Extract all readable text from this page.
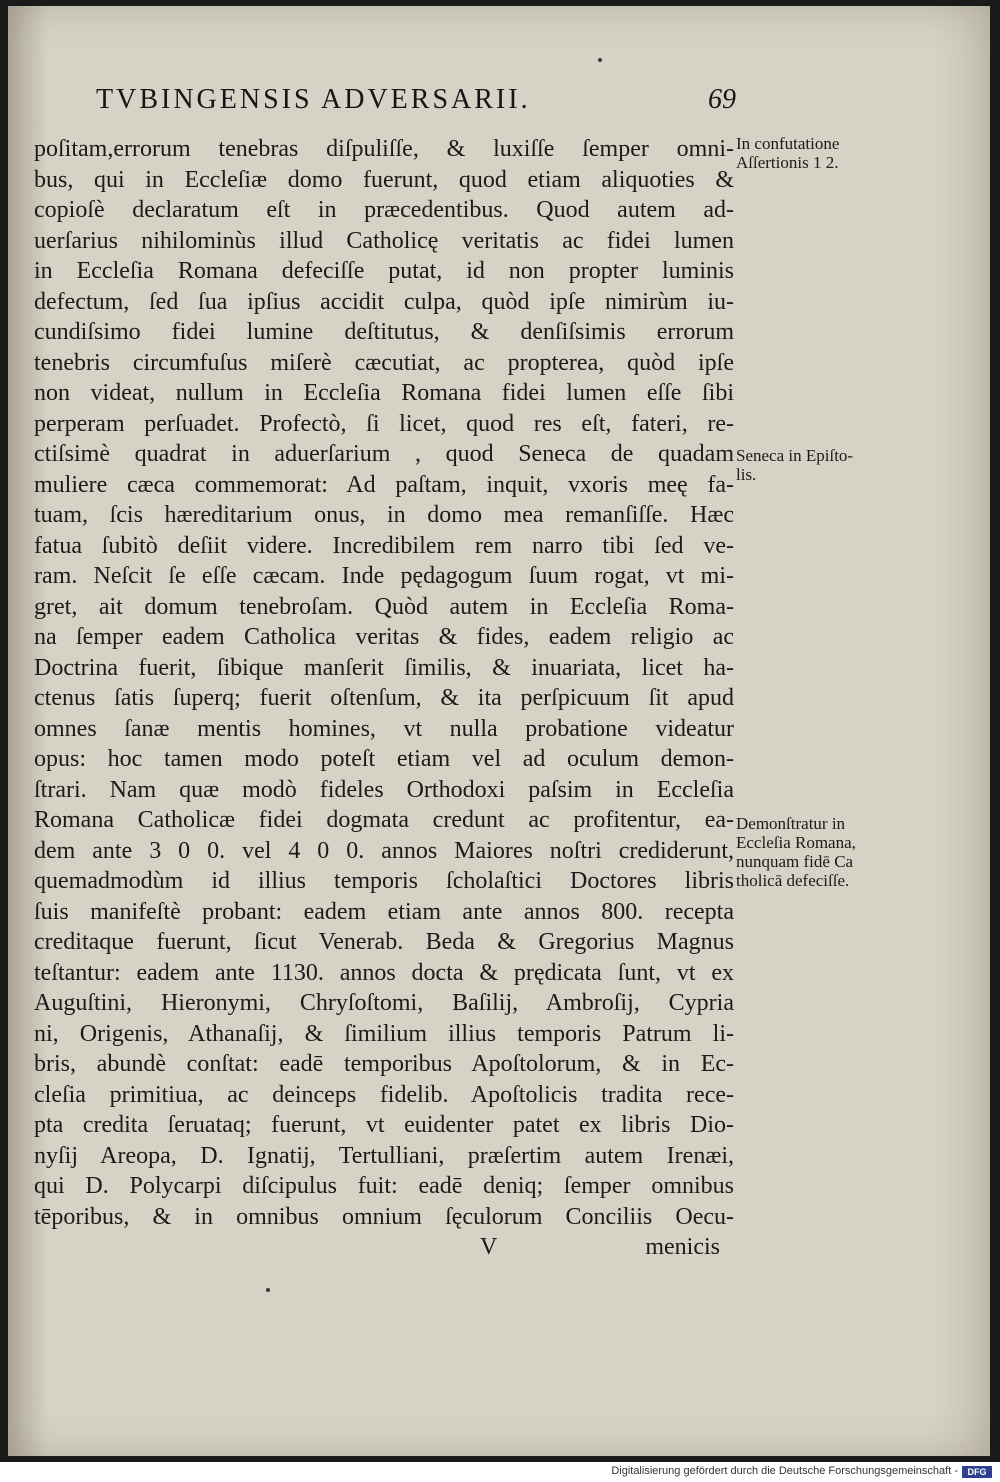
TVBINGENSIS ADVERSARII.	69
poſitam,errorum tenebras diſpuliſſe, & luxiſſe ſemper omni-
bus, qui in Eccleſiæ domo fuerunt, quod etiam aliquoties &
copioſè declaratum eſt in præcedentibus. Quod autem ad-
uerſarius nihilominùs illud Catholicę veritatis ac fidei lumen
in Eccleſia Romana defeciſſe putat, id non propter luminis
defectum, ſed ſua ipſius accidit culpa, quòd ipſe nimirùm iu-
cundiſsimo fidei lumine deſtitutus, & denſiſsimis errorum
tenebris circumfuſus miſerè cæcutiat, ac propterea, quòd ipſe
non videat, nullum in Eccleſia Romana fidei lumen eſſe ſibi
perperam perſuadet. Profectò, ſi licet, quod res eſt, fateri, re-
ctiſsimè quadrat in aduerſarium , quod Seneca de quadam
muliere cæca commemorat: Ad paſtam, inquit, vxoris meę fa-
tuam, ſcis hæreditarium onus, in domo mea remanſiſſe. Hæc
fatua ſubitò deſiit videre. Incredibilem rem narro tibi ſed ve-
ram. Neſcit ſe eſſe cæcam. Inde pędagogum ſuum rogat, vt mi-
gret, ait domum tenebroſam. Quòd autem in Eccleſia Roma-
na ſemper eadem Catholica veritas & fides, eadem religio ac
Doctrina fuerit, ſibique manſerit ſimilis, & inuariata, licet ha-
ctenus ſatis ſuperq; fuerit oſtenſum, & ita perſpicuum ſit apud
omnes ſanæ mentis homines, vt nulla probatione videatur
opus: hoc tamen modo poteſt etiam vel ad oculum demon-
ſtrari. Nam quæ modò fideles Orthodoxi paſsim in Eccleſia
Romana Catholicæ fidei dogmata credunt ac profitentur, ea-
dem ante 3 0 0. vel 4 0 0. annos Maiores noſtri crediderunt,
quemadmodùm id illius temporis ſcholaſtici Doctores libris
ſuis manifeſtè probant: eadem etiam ante annos 800. recepta
creditaque fuerunt, ſicut Venerab. Beda & Gregorius Magnus
teſtantur: eadem ante 1130. annos docta & prędicata ſunt, vt ex
Auguſtini, Hieronymi, Chryſoſtomi, Baſilij, Ambroſij, Cypria
ni, Origenis, Athanaſij, & ſimilium illius temporis Patrum li-
bris, abundè conſtat: eadē temporibus Apoſtolorum, & in Ec-
cleſia primitiua, ac deinceps fidelib. Apoſtolicis tradita rece-
pta credita ſeruataq; fuerunt, vt euidenter patet ex libris Dio-
nyſij Areopa, D. Ignatij, Tertulliani, præſertim autem Irenæi,
qui D. Polycarpi diſcipulus fuit: eadē deniq; ſemper omnibus
tēporibus, & in omnibus omnium ſęculorum Conciliis Oecu-
V	menicis
In confutatione
Aſſertionis 1 2.
Seneca in Epiſto-
lis.
Demonſtratur in
Eccleſia Romana,
nunquam fidē Ca
tholicā defeciſſe.
Digitalisierung gefördert durch die Deutsche Forschungsgemeinschaft -	DFG
